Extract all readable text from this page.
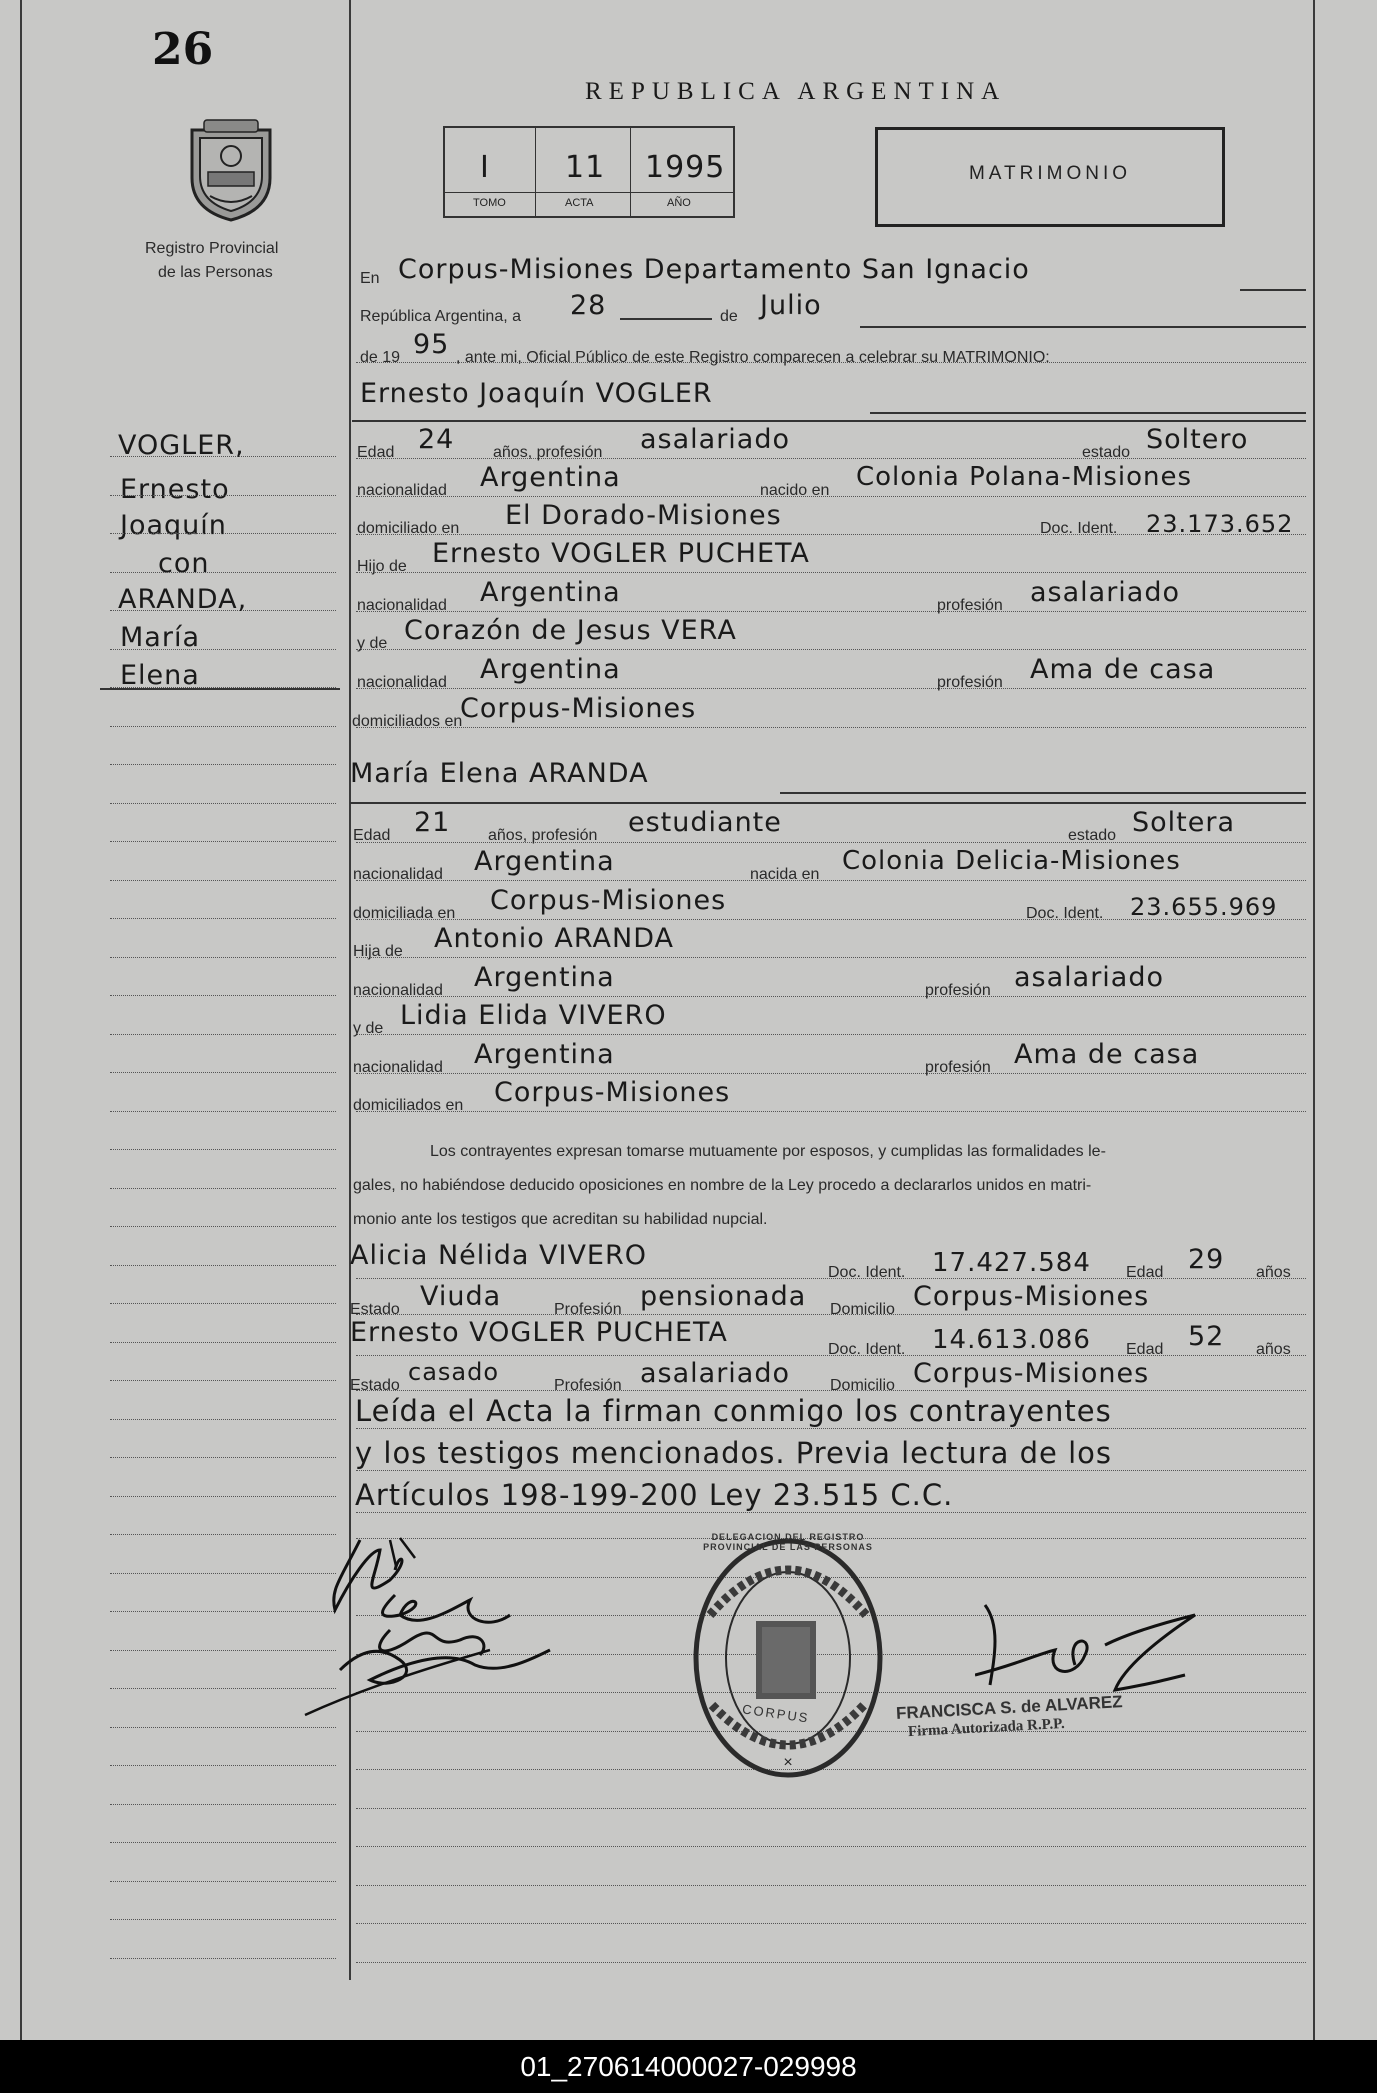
26
Registro Provincial
de las Personas
REPUBLICA ARGENTINA
I	11 1995
TOMO	ACTA	AÑO
MATRIMONIO
VOGLER,
Ernesto
Joaquín
con
ARANDA,
María
Elena
En Corpus-Misiones Departamento San Ignacio
República Argentina, a 28	de Julio
de 19 95 , ante mi, Oficial Público de este Registro comparecen a celebrar su MATRIMONIO:
Ernesto Joaquín VOGLER
Edad 24 años, profesión asalariado	estado Soltero
nacionalidad Argentina	nacido en Colonia Polana-Misiones
domiciliado en El Dorado-Misiones	Doc. Ident. 23.173.652
Hijo de Ernesto VOGLER PUCHETA
nacionalidad Argentina	profesión asalariado
y de Corazón de Jesus VERA
nacionalidad Argentina	profesión Ama de casa
domiciliados en
Corpus-Misiones
María Elena ARANDA
Edad 21 años, profesión estudiante	estado Soltera
nacionalidad Argentina	nacida en Colonia Delicia-Misiones
domiciliada en Corpus-Misiones	Doc. Ident. 23.655.969
Hija de Antonio ARANDA
nacionalidad Argentina	profesión asalariado
y de Lidia Elida VIVERO
nacionalidad Argentina	profesión Ama de casa
domiciliados en Corpus-Misiones
Los contrayentes expresan tomarse mutuamente por esposos, y cumplidas las formalidades le-
gales, no habiéndose deducido oposiciones en nombre de la Ley procedo a declararlos unidos en matri-
monio ante los testigos que acreditan su habilidad nupcial.
Alicia Nélida VIVERO
Doc. Ident. 17.427.584 Edad 29 años
Estado Viuda	Profesión pensionada Domicilio Corpus-Misiones
Ernesto VOGLER PUCHETA
Doc. Ident. 14.613.086 Edad 52 años
Estado casado	Profesión asalariado Domicilio Corpus-Misiones
Leída el Acta la firman conmigo los contrayentes
y los testigos mencionados. Previa lectura de los
Artículos 198-199-200 Ley 23.515 C.C.
×
CORPUS
DELEGACION DEL REGISTRO PROVINCIAL DE LAS PERSONAS
FRANCISCA S. de ALVAREZ
Firma Autorizada R.P.P.
01_270614000027-029998
